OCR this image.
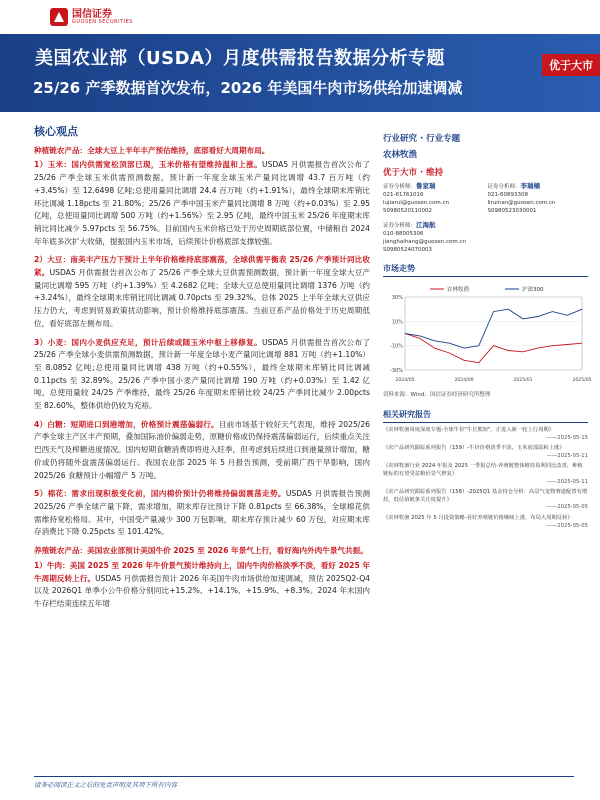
国信证券
GUOSEN SECURITIES
美国农业部（USDA）月度供需报告数据分析专题
25/26 产季数据首次发布，2026 年美国牛肉市场供给加速调减
优于大市
核心观点
种植链农产品：全球大豆上半年丰产预估维持，底部看好大周期布局。
1）玉米：国内供需宽松顶部已现，玉米价格有望维持温和上涨。USDA5 月供需报告首次公布了 25/26 产季全球玉米供需预测数据，预计新一年度全球玉米产量同比调增 43.7 百万吨（约+3.45%）至 12.6498 亿吨;总使用量同比调增 24.4 百万吨（约+1.91%），最终全球期末库销比环比调减 1.18pcts 至 21.80%；25/26 产季中国玉米产量同比调增 8 万吨（约+0.03%）至 2.95 亿吨，总使用量同比调增 500 万吨（约+1.56%）至 2.95 亿吨，最终中国玉米 25/26 年度期末库销比同比减少 5.97pcts 至 56.75%。目前国内玉米价格已处于历史周期底部位置，中储粮自 2024 年年底多次扩大收储，提振国内玉米市场，后续预计价格底部支撑较强。
2）大豆：南美丰产压力下预计上半年价格维持底部震荡，全球供需平衡表 25/26 产季预计同比收紧。USDA5 月供需报告首次公布了 25/26 产季全球大豆供需预测数据，预计新一年度全球大豆产量同比调增 595 万吨（约+1.39%）至 4.2682 亿吨；全球大豆总使用量同比调增 1376 万吨（约+3.24%），最终全球期末库销比同比调减 0.70pcts 至 29.32%。总体 2025 上半年全球大豆供应压力仍大，考虑到贸易政策扰动影响，预计价格维持底部震荡。当前豆系产品价格处于历史周期低位，看好底部左侧布局。
3）小麦：国内小麦供应充足，预计后续或随玉米中枢上移修复。USDA5 月供需报告首次公布了 25/26 产季全球小麦供需预测数据，预计新一年度全球小麦产量同比调增 881 万吨（约+1.10%）至 8.0852 亿吨;总使用量同比调增 438 万吨（约+0.55%），最终全球期末库销比同比调减 0.11pcts 至 32.89%。25/26 产季中国小麦产量同比调增 190 万吨（约+0.03%）至 1.42 亿吨，总使用量较 24/25 产季维持，最终 25/26 年度期末库销比较 24/25 产季同比减少 2.00pcts 至 82.60%，整体供给仍较为充裕。
4）白糖：短期进口到港增加，价格预计震荡偏弱行。目前市场基于较好天气表现，维持 2025/26 产季全球主产区丰产预期，叠加国际油价偏弱走势，原糖价格或仍保持震荡偏弱运行，后续重点关注巴西天气及榨糖进度情况。国内短期食糖消费即将进入旺季，但考虑到后续进口到港量预计增加，糖价或仍将随外盘震荡偏弱运行。我国农业部 2025 年 5 月报告预测，受前期广西干旱影响，国内 2025/26 食糖预计小幅增产 5 万吨。
5）棉花：需求出现积极变化前，国内棉价预计仍将维持偏弱震荡走势。USDA5 月供需报告预测 2025/26 产季全球产量下降，需求增加，期末库存比预计下降 0.81pcts 至 66.38%，全球棉花供需维持宽松格局。其中，中国受产量减少 300 万包影响，期末库存预计减少 60 万包，对应期末库存消费比下降 0.25pcts 至 101.42%。
养殖链农产品：美国农业部预计美国牛价 2025 至 2026 年景气上行，看好海内外肉牛景气共振。
1）牛肉：美国 2025 至 2026 年牛价景气预计维持向上，国内牛肉价格淡季不淡，看好 2025 年牛周期反转上行。USDA5 月供需报告预计 2026 年美国牛肉市场供给加速调减，预估 2025Q2-Q4 以及 2026Q1 单季小公牛价格分别同比+15.2%、+14.1%、+15.9%、+8.3%。2024 年末国内牛存栏结束连续五年增
行业研究 · 行业专题
农林牧渔
优于大市 · 维持
证券分析师：鲁家瑞
021-61761016
lujiarui@guosen.com.cn
S0980520110002
证券分析师：李瑞楠
021-60893308
liruinan@guosen.com.cn
S0980523030001
证券分析师：江海航
010-88005306
jianghaihang@guosen.com.cn
S0980524070003
市场走势
-30%
-10%
10%
30%
2024/05	2024/09	2025/01	2025/05
农林牧渔	沪深300
资料来源：Wind、国信证券经济研究所整理
相关研究报告
《农林牧渔周度深度专题-全球牛价"牛长熊短"，正进入新一轮上行周期》
——2025-05-15
《农产品研究跟踪系列报告（159）-牛价价格淡季不淡，玉米底部温和上涨》
——2025-05-11
《农林牧渔行业 2024 年报及 2025 一季报总结-养殖链整体维持盈利同比改善，种植链标的有望受益粮价景气修复》
——2025-05-11
《农产品研究跟踪系列报告（158）-2025Q1 基金持仓分析：高景气宠物赛道配置有增持，低估值链条关注度提升》
——2025-05-05
《农林牧渔 2025 年 5 月投资策略-看好养殖链价格继续上涨，布局大周期反转》
——2025-05-05
请务必阅读正文之后的免责声明及其项下所有内容
